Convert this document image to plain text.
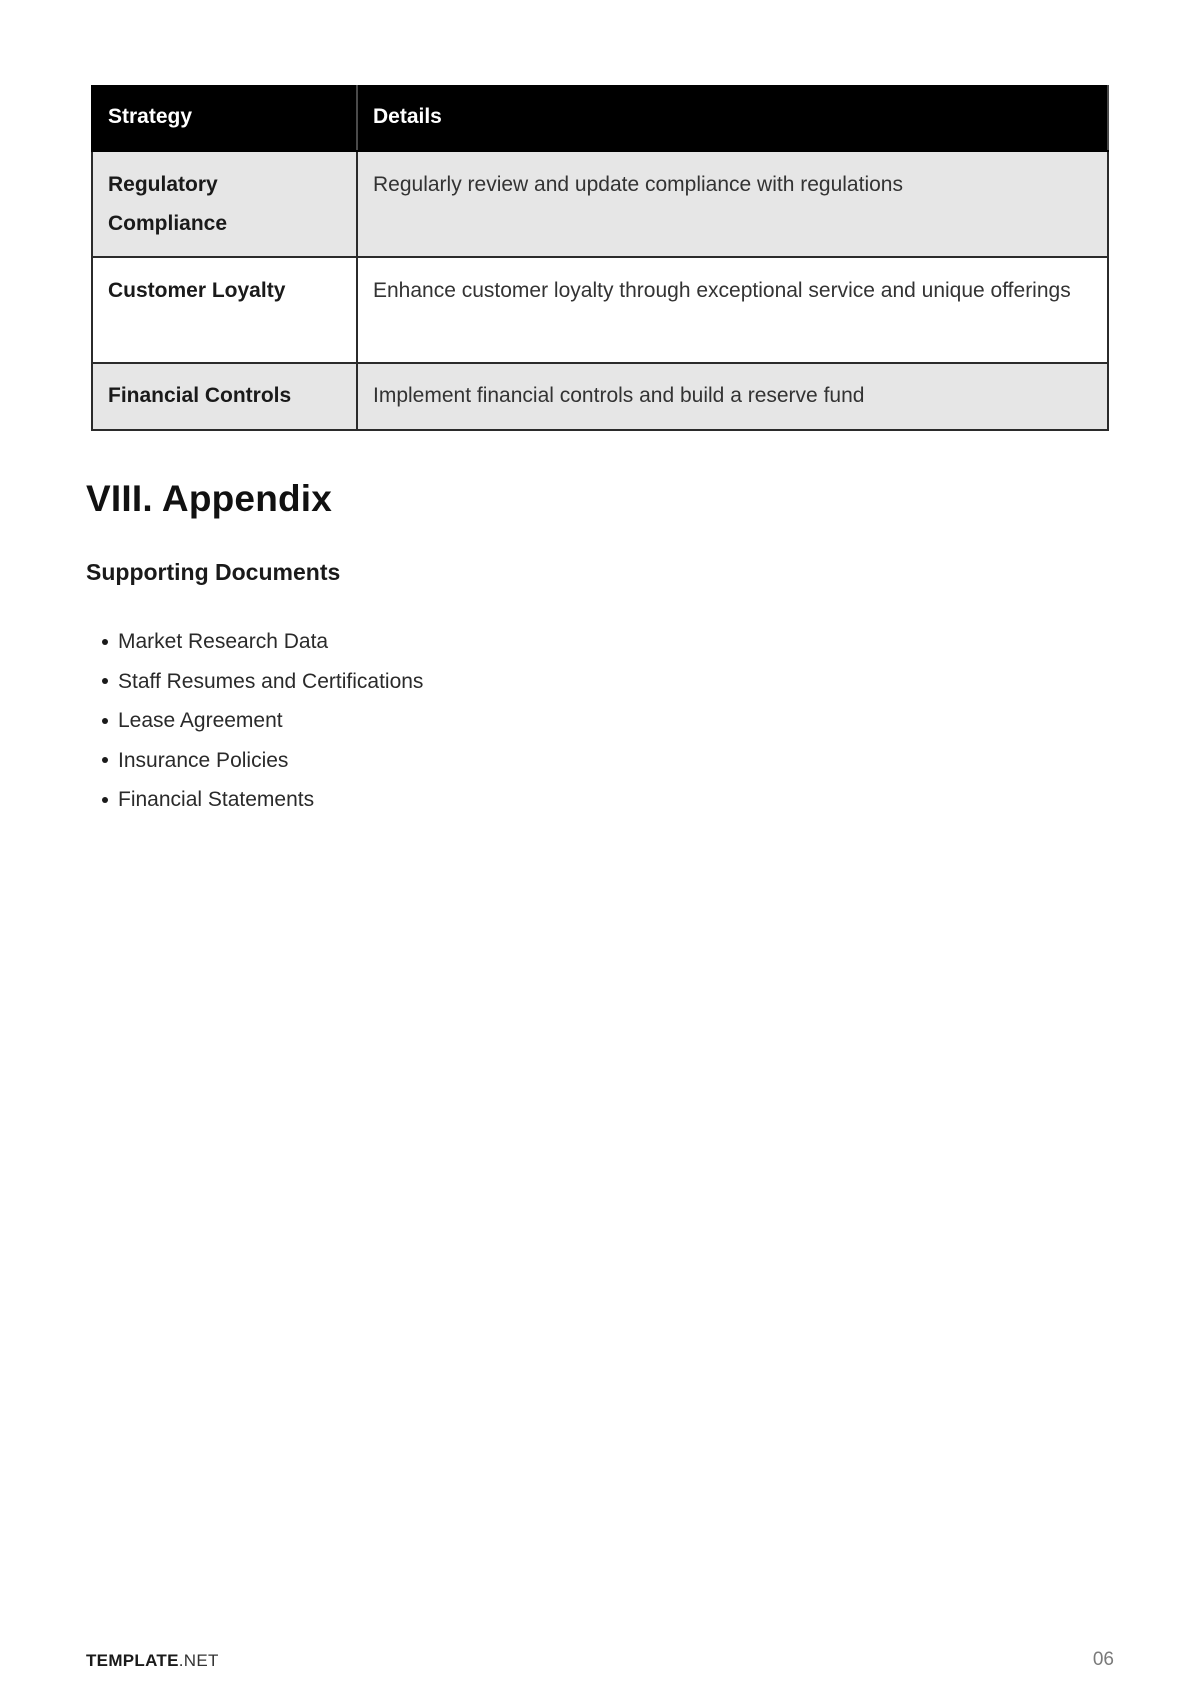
Strategy	Details
Regulatory Compliance	Regularly review and update compliance with regulations
Customer Loyalty	Enhance customer loyalty through exceptional service and unique offerings
Financial Controls	Implement financial controls and build a reserve fund
VIII. Appendix
Supporting Documents
Market Research Data
Staff Resumes and Certifications
Lease Agreement
Insurance Policies
Financial Statements
TEMPLATE.NET	06
